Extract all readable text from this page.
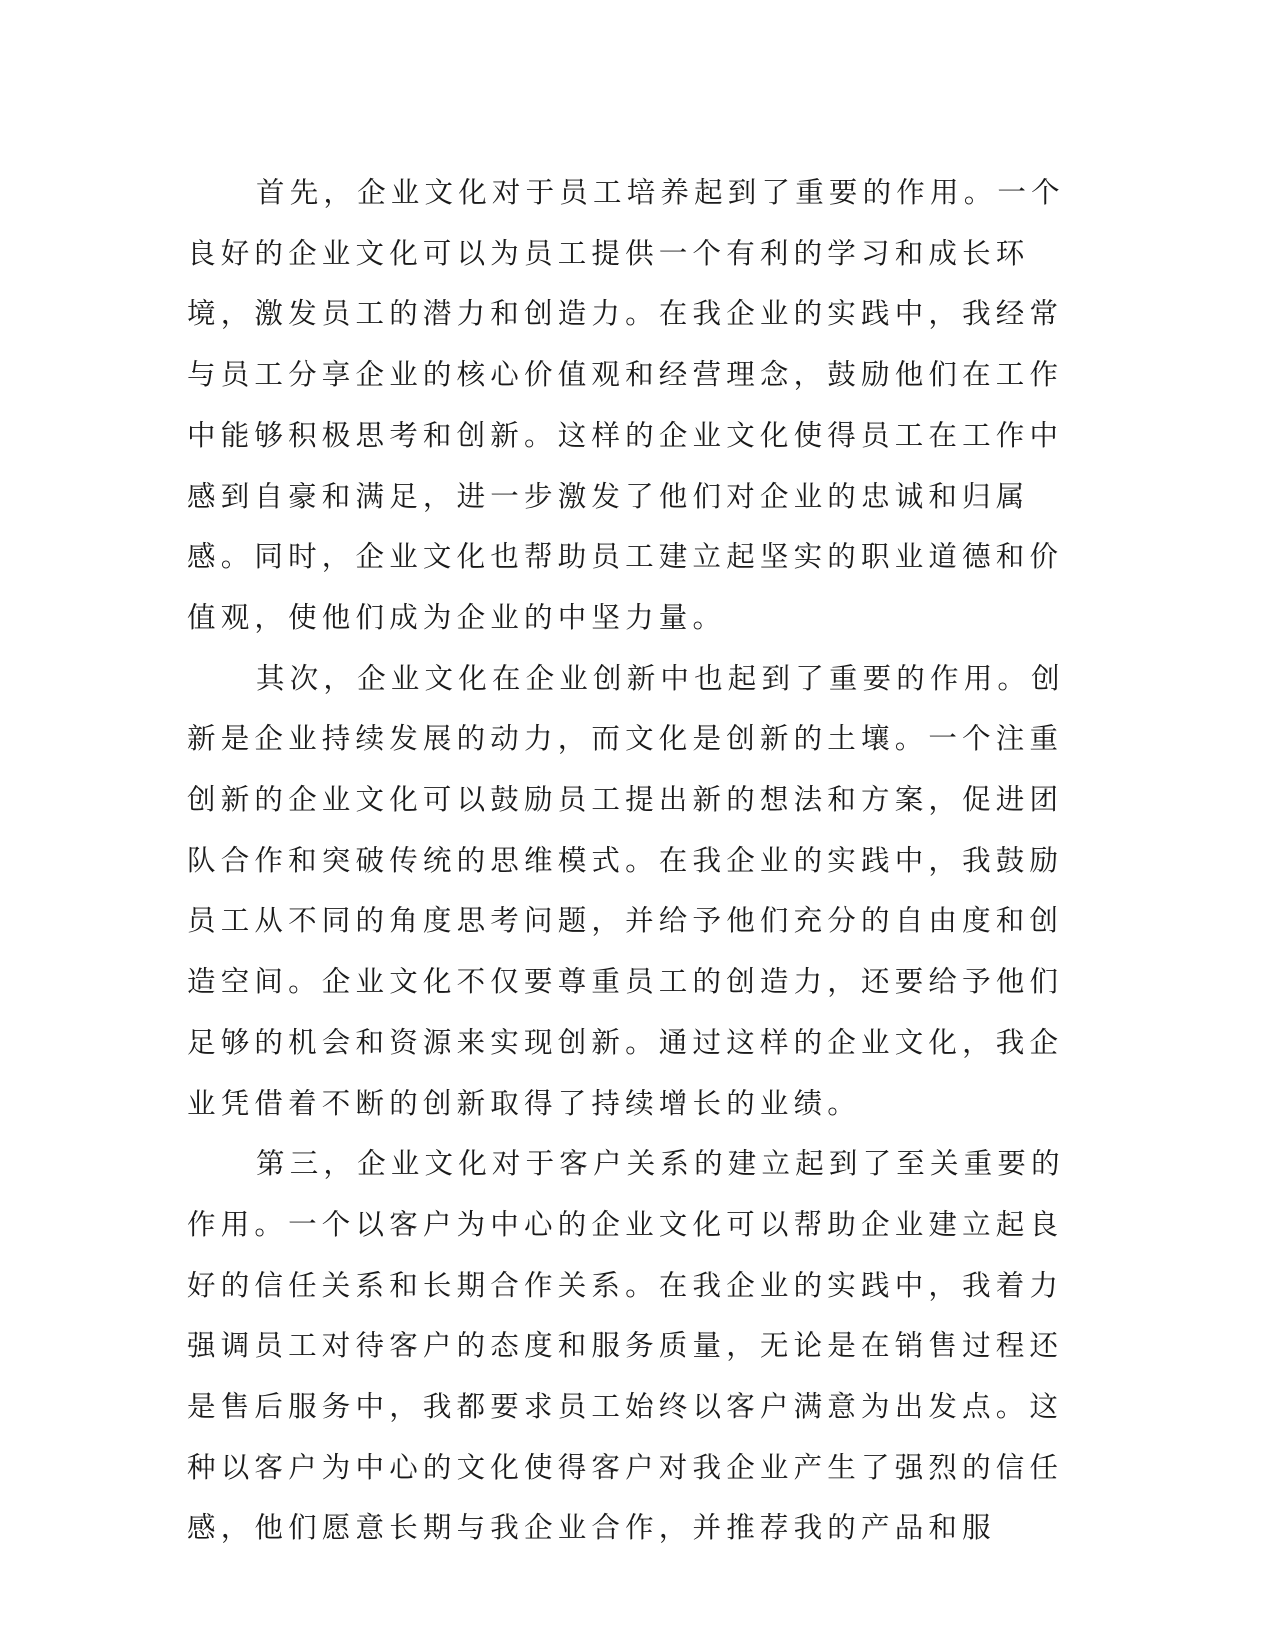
首先，企业文化对于员工培养起到了重要的作用。一个良好的企业文化可以为员工提供一个有利的学习和成长环境，激发员工的潜力和创造力。在我企业的实践中，我经常与员工分享企业的核心价值观和经营理念，鼓励他们在工作中能够积极思考和创新。这样的企业文化使得员工在工作中感到自豪和满足，进一步激发了他们对企业的忠诚和归属感。同时，企业文化也帮助员工建立起坚实的职业道德和价值观，使他们成为企业的中坚力量。

其次，企业文化在企业创新中也起到了重要的作用。创新是企业持续发展的动力，而文化是创新的土壤。一个注重创新的企业文化可以鼓励员工提出新的想法和方案，促进团队合作和突破传统的思维模式。在我企业的实践中，我鼓励员工从不同的角度思考问题，并给予他们充分的自由度和创造空间。企业文化不仅要尊重员工的创造力，还要给予他们足够的机会和资源来实现创新。通过这样的企业文化，我企业凭借着不断的创新取得了持续增长的业绩。

第三，企业文化对于客户关系的建立起到了至关重要的作用。一个以客户为中心的企业文化可以帮助企业建立起良好的信任关系和长期合作关系。在我企业的实践中，我着力强调员工对待客户的态度和服务质量，无论是在销售过程还是售后服务中，我都要求员工始终以客户满意为出发点。这种以客户为中心的文化使得客户对我企业产生了强烈的信任感，他们愿意长期与我企业合作，并推荐我的产品和服
